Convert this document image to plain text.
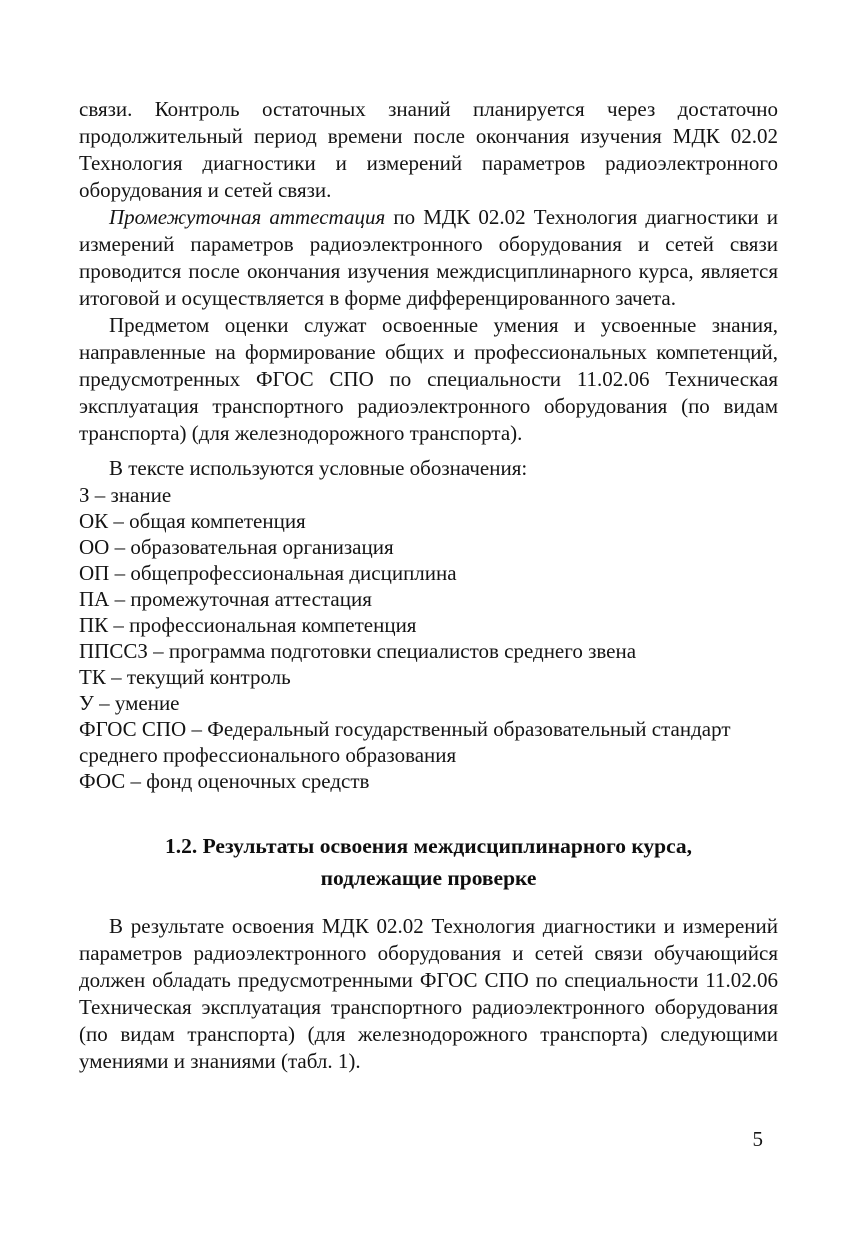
связи. Контроль остаточных знаний планируется через достаточно продолжительный период времени после окончания изучения МДК 02.02 Технология диагностики и измерений параметров радиоэлектронного оборудования и сетей связи.

Промежуточная аттестация по МДК 02.02 Технология диагностики и измерений параметров радиоэлектронного оборудования и сетей связи проводится после окончания изучения междисциплинарного курса, является итоговой и осуществляется в форме дифференцированного зачета.

Предметом оценки служат освоенные умения и усвоенные знания, направленные на формирование общих и профессиональных компетенций, предусмотренных ФГОС СПО по специальности 11.02.06 Техническая эксплуатация транспортного радиоэлектронного оборудования (по видам транспорта) (для железнодорожного транспорта).

В тексте используются условные обозначения:

З – знание
ОК – общая компетенция
ОО – образовательная организация
ОП – общепрофессиональная дисциплина
ПА – промежуточная аттестация
ПК – профессиональная компетенция
ППССЗ – программа подготовки специалистов среднего звена
ТК – текущий контроль
У – умение
ФГОС СПО – Федеральный государственный образовательный стандарт среднего профессионального образования
ФОС – фонд оценочных средств
1.2. Результаты освоения междисциплинарного курса,
подлежащие проверке

В результате освоения МДК 02.02 Технология диагностики и измерений параметров радиоэлектронного оборудования и сетей связи обучающийся должен обладать предусмотренными ФГОС СПО по специальности 11.02.06 Техническая эксплуатация транспортного радиоэлектронного оборудования (по видам транспорта) (для железнодорожного транспорта) следующими умениями и знаниями (табл. 1).

5
